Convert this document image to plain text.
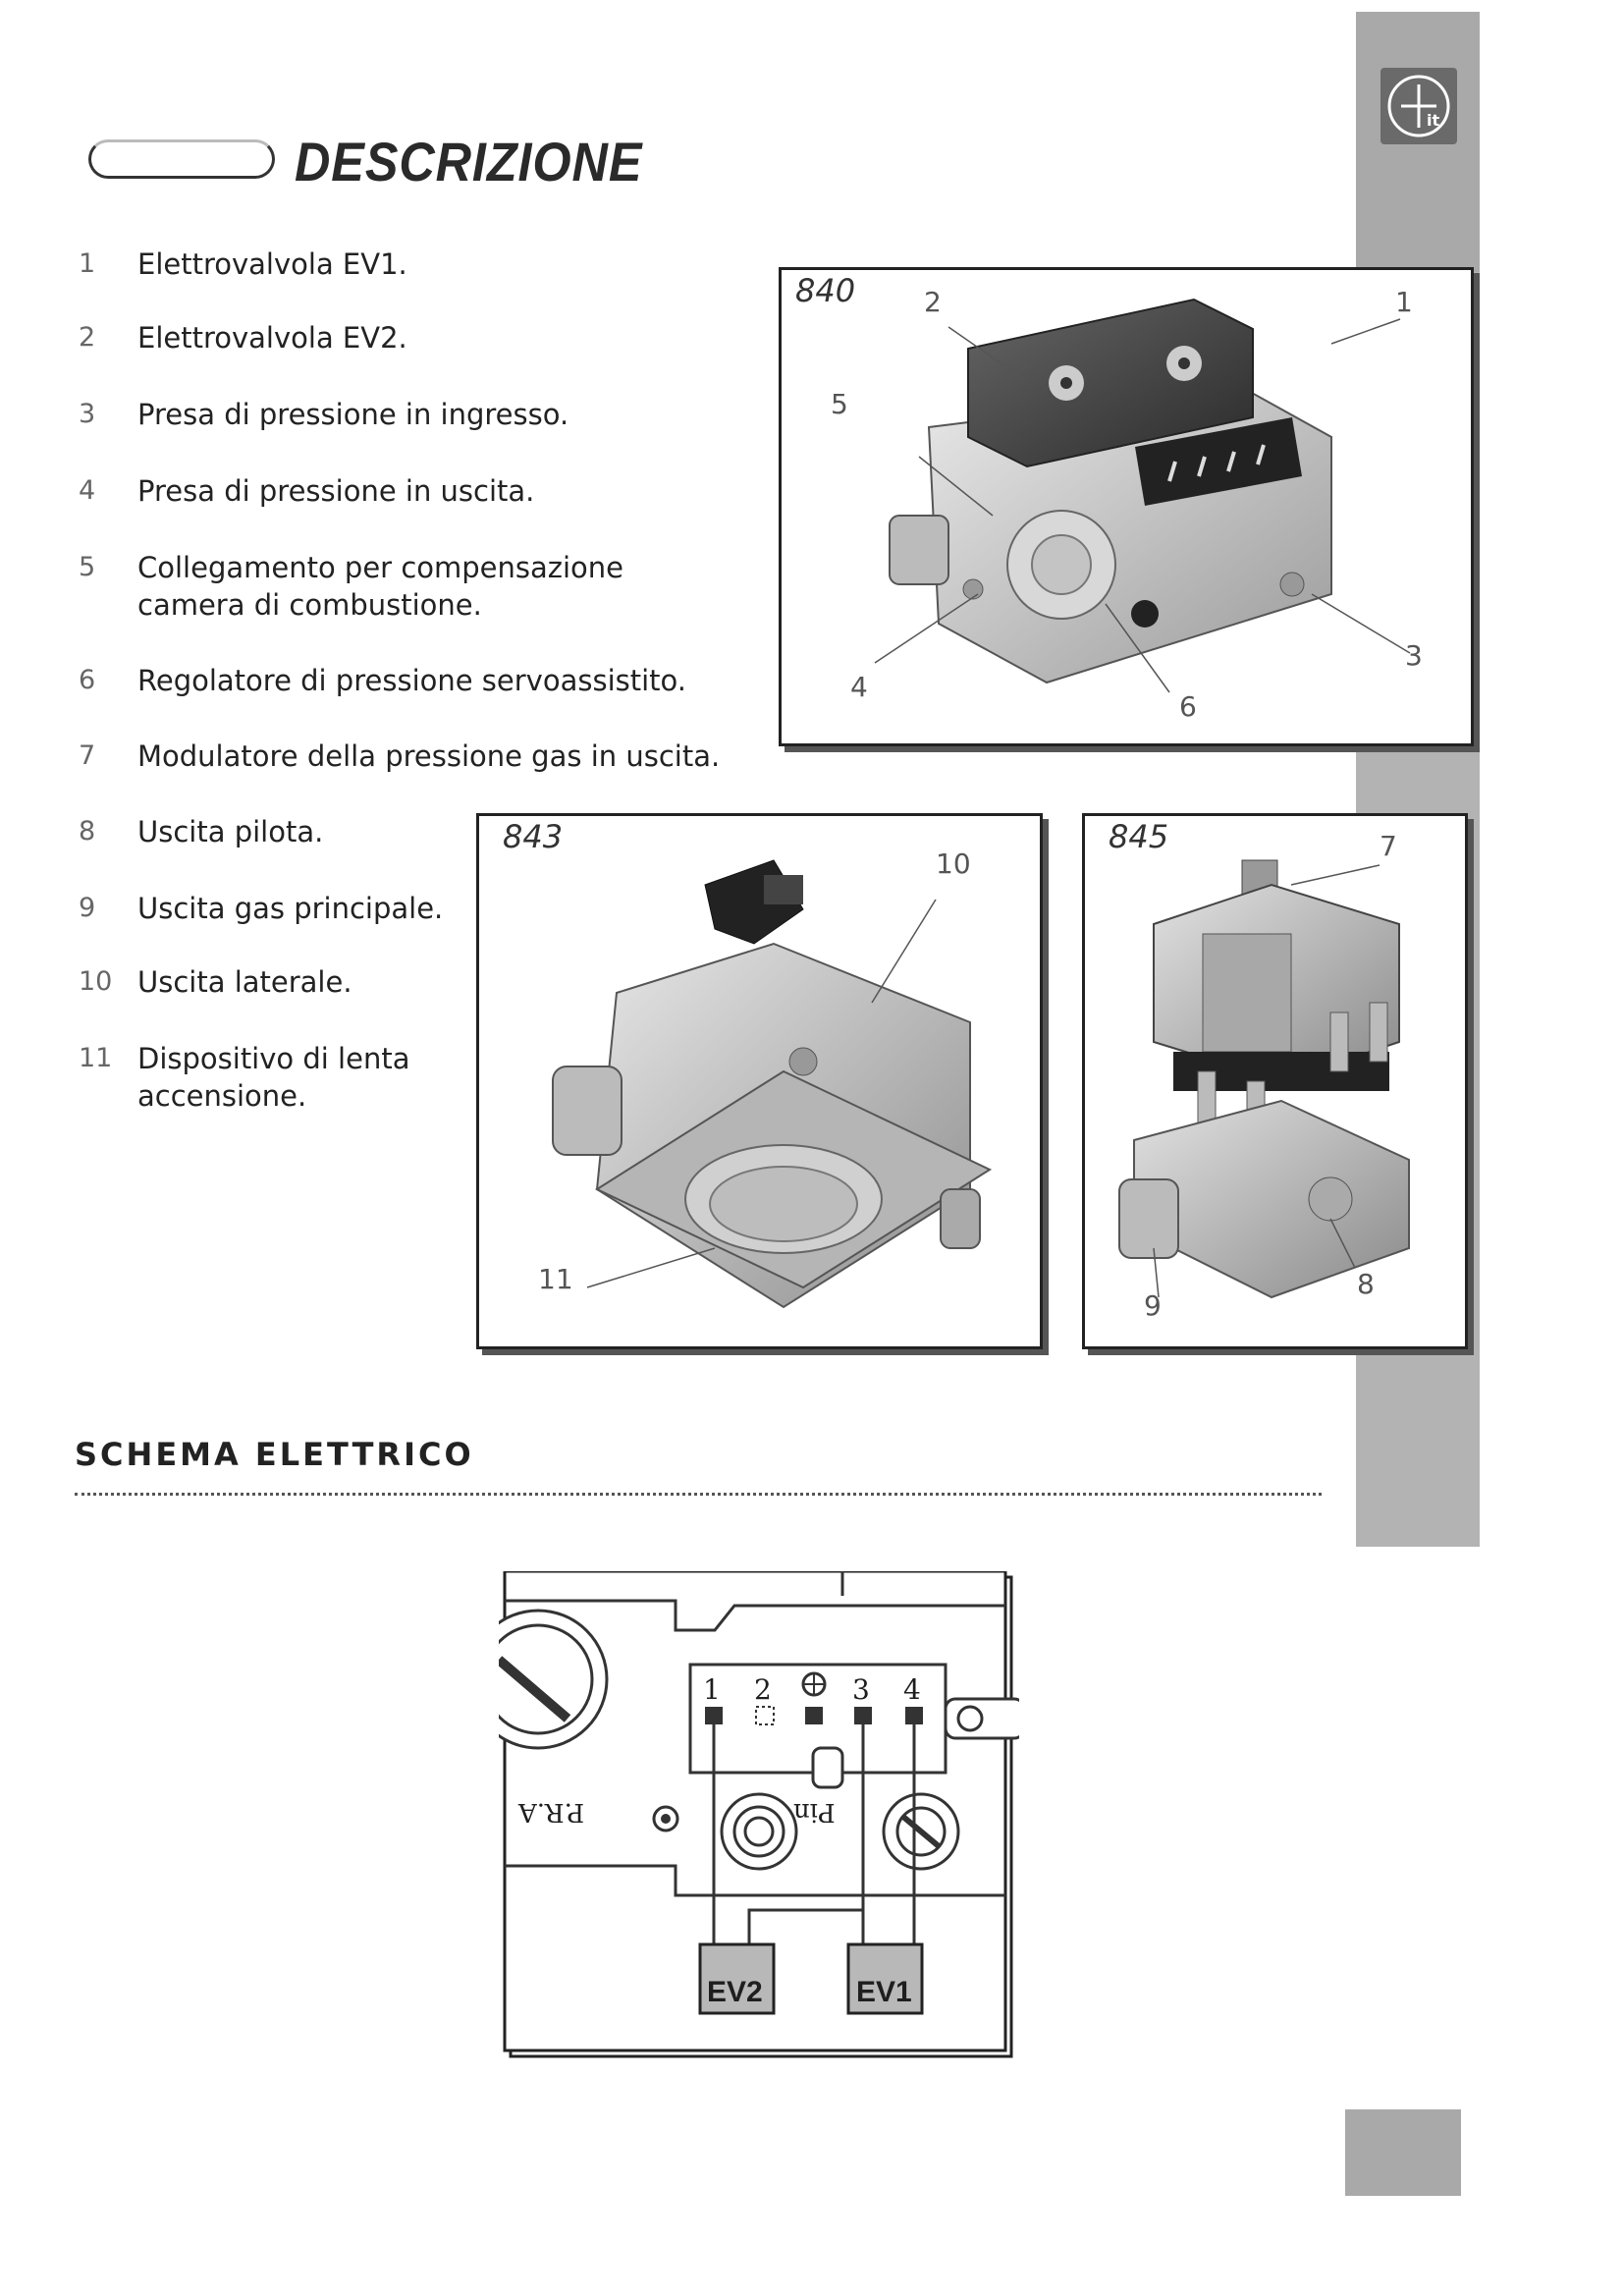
it
DESCRIZIONE
1	Elettrovalvola EV1.
2	Elettrovalvola EV2.
3	Presa di pressione in ingresso.
4	Presa di pressione in uscita.
5	Collegamento per compensazione camera di combustione.
6	Regolatore di pressione servoassistito.
7	Modulatore della pressione gas in uscita.
8	Uscita pilota.
9	Uscita gas principale.
10 Uscita laterale.
11 Dispositivo di lenta accensione.
840 2	1
5
3
4
6
843
10
11
845	7
9
8
SCHEMA ELETTRICO
1 2	3 4
P.R.A	Pin
EV2	EV1
